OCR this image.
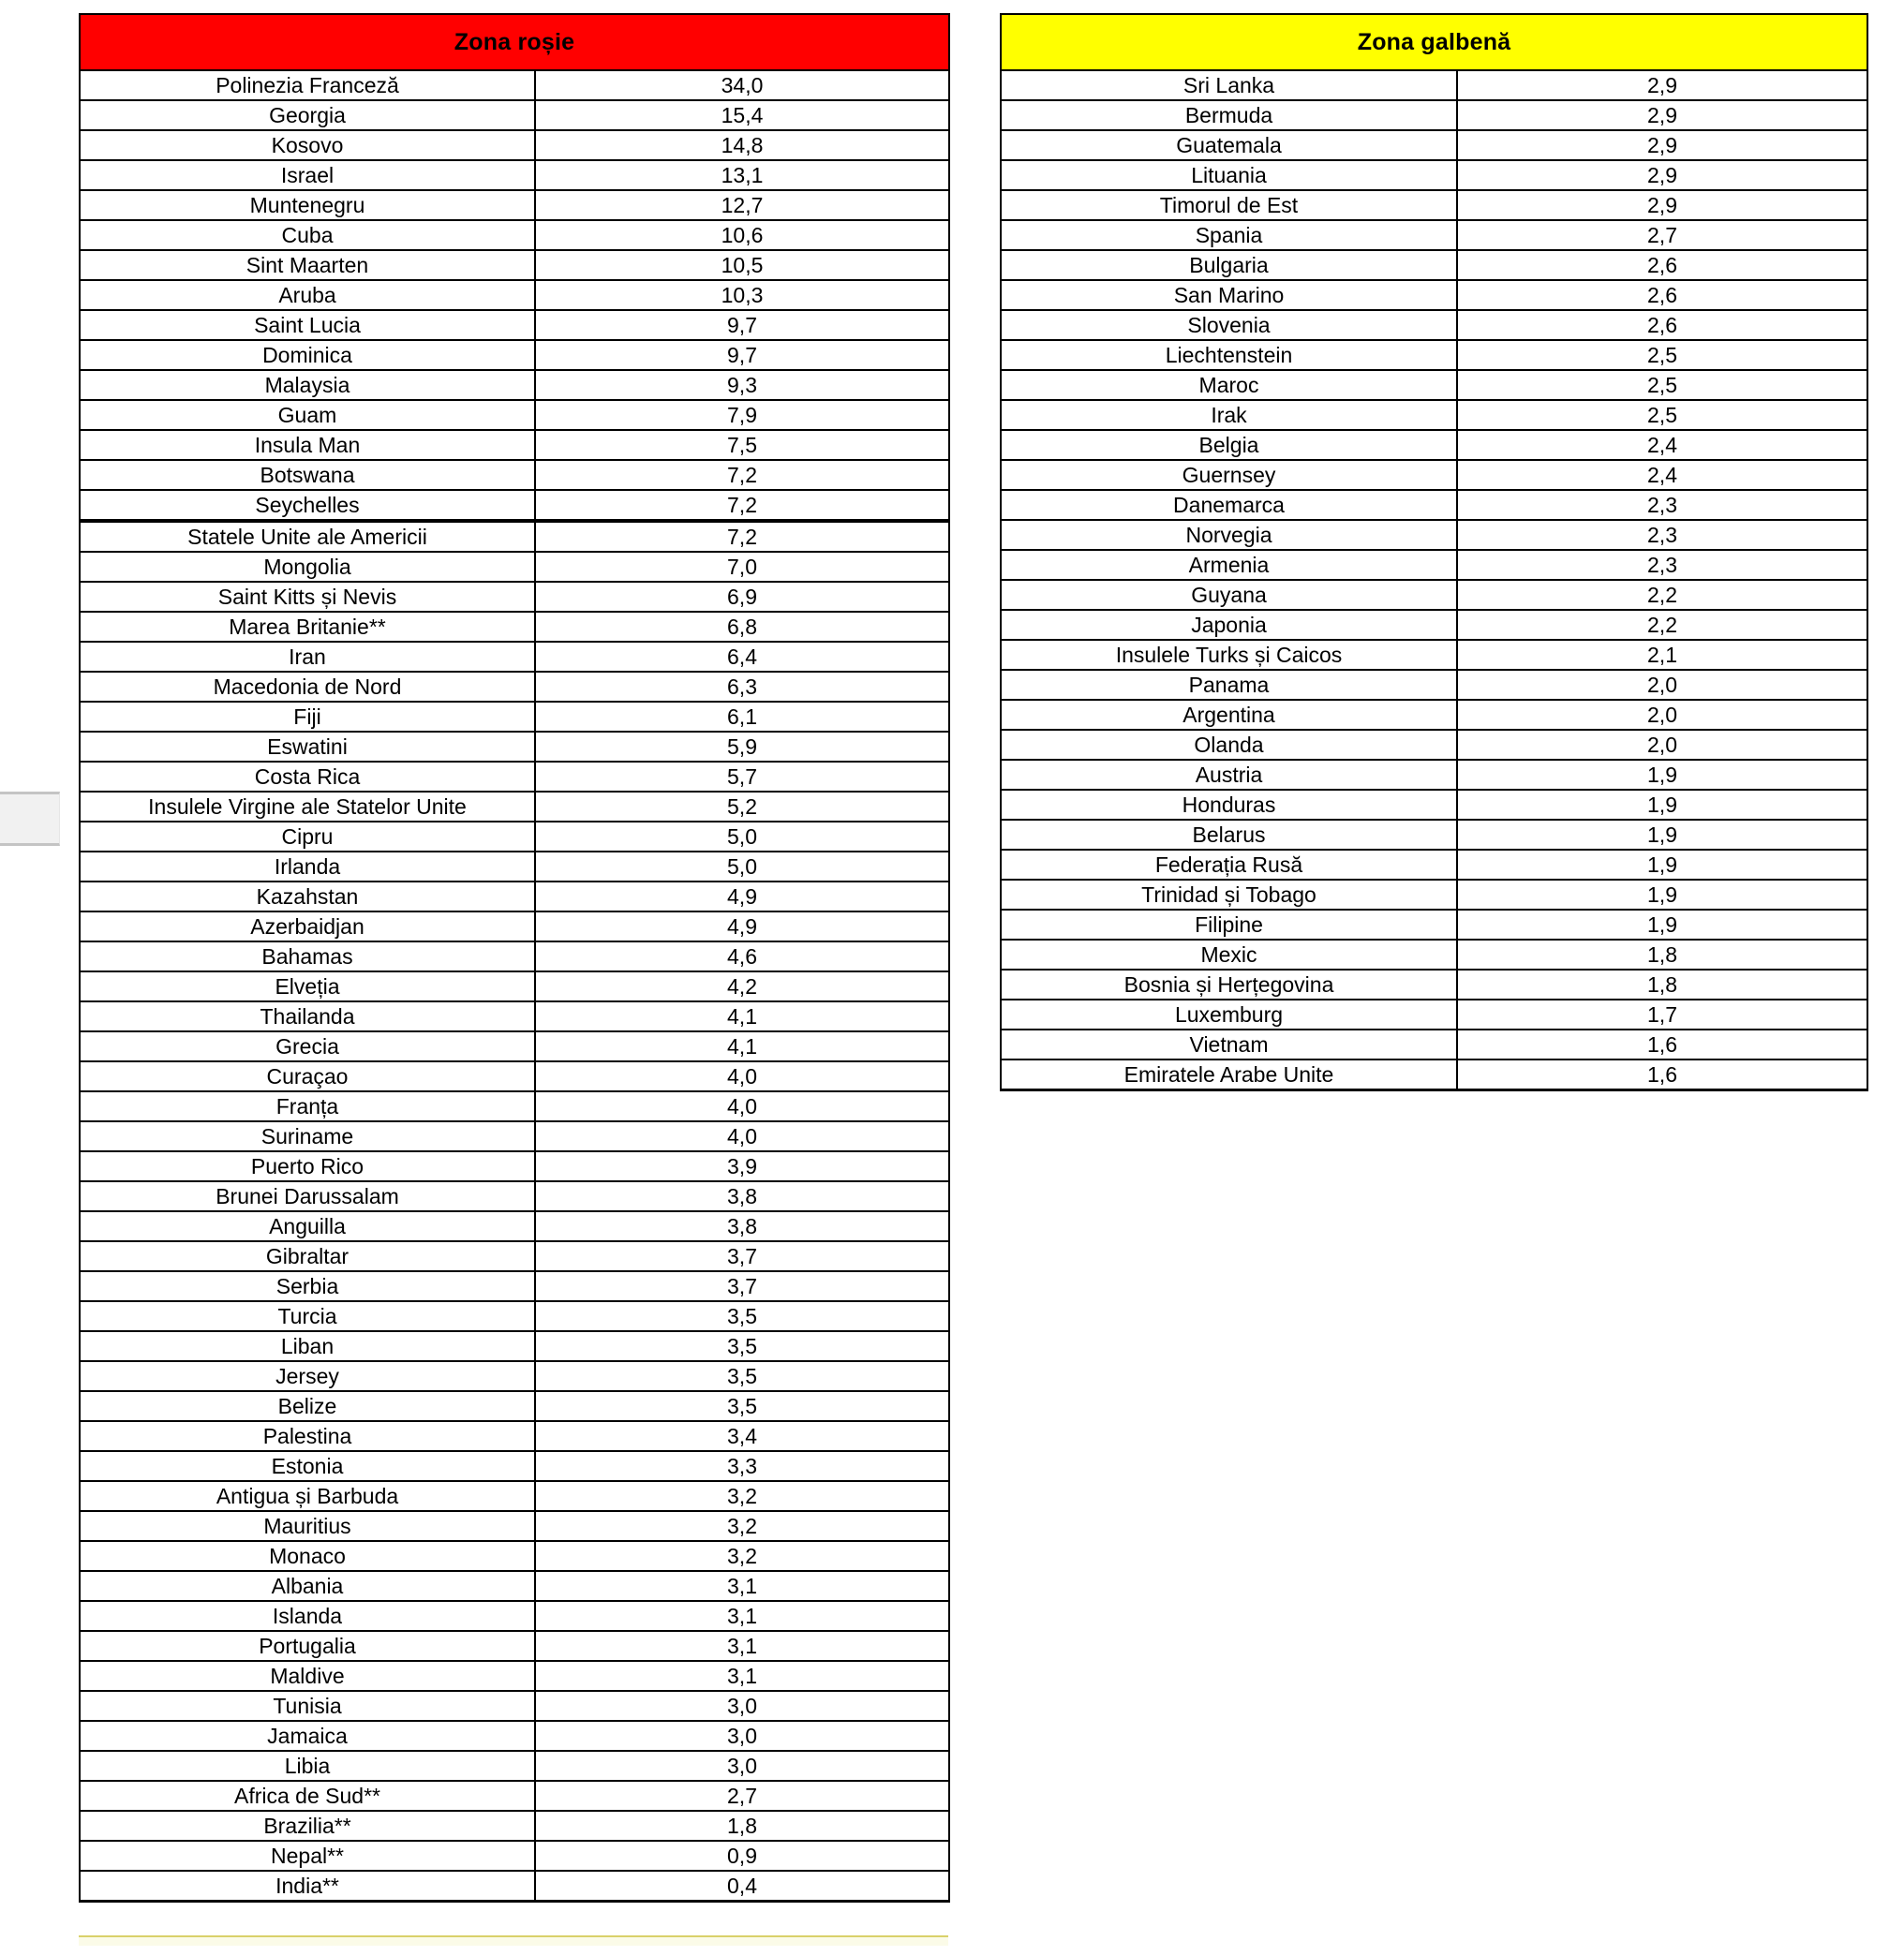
Zona roșie	
Polinezia Franceză	34,0
Georgia	15,4
Kosovo	14,8
Israel	13,1
Muntenegru	12,7
Cuba	10,6
Sint Maarten	10,5
Aruba	10,3
Saint Lucia	9,7
Dominica	9,7
Malaysia	9,3
Guam	7,9
Insula Man	7,5
Botswana	7,2
Seychelles	7,2
Statele Unite ale Americii	7,2
Mongolia	7,0
Saint Kitts și Nevis	6,9
Marea Britanie**	6,8
Iran	6,4
Macedonia de Nord	6,3
Fiji	6,1
Eswatini	5,9
Costa Rica	5,7
Insulele Virgine ale Statelor Unite	5,2
Cipru	5,0
Irlanda	5,0
Kazahstan	4,9
Azerbaidjan	4,9
Bahamas	4,6
Elveția	4,2
Thailanda	4,1
Grecia	4,1
Curaçao	4,0
Franța	4,0
Suriname	4,0
Puerto Rico	3,9
Brunei Darussalam	3,8
Anguilla	3,8
Gibraltar	3,7
Serbia	3,7
Turcia	3,5
Liban	3,5
Jersey	3,5
Belize	3,5
Palestina	3,4
Estonia	3,3
Antigua și Barbuda	3,2
Mauritius	3,2
Monaco	3,2
Albania	3,1
Islanda	3,1
Portugalia	3,1
Maldive	3,1
Tunisia	3,0
Jamaica	3,0
Libia	3,0
Africa de Sud**	2,7
Brazilia**	1,8
Nepal**	0,9
India**	0,4
Zona galbenă	
Sri Lanka	2,9
Bermuda	2,9
Guatemala	2,9
Lituania	2,9
Timorul de Est	2,9
Spania	2,7
Bulgaria	2,6
San Marino	2,6
Slovenia	2,6
Liechtenstein	2,5
Maroc	2,5
Irak	2,5
Belgia	2,4
Guernsey	2,4
Danemarca	2,3
Norvegia	2,3
Armenia	2,3
Guyana	2,2
Japonia	2,2
Insulele Turks și Caicos	2,1
Panama	2,0
Argentina	2,0
Olanda	2,0
Austria	1,9
Honduras	1,9
Belarus	1,9
Federația Rusă	1,9
Trinidad și Tobago	1,9
Filipine	1,9
Mexic	1,8
Bosnia și Herțegovina	1,8
Luxemburg	1,7
Vietnam	1,6
Emiratele Arabe Unite	1,6
